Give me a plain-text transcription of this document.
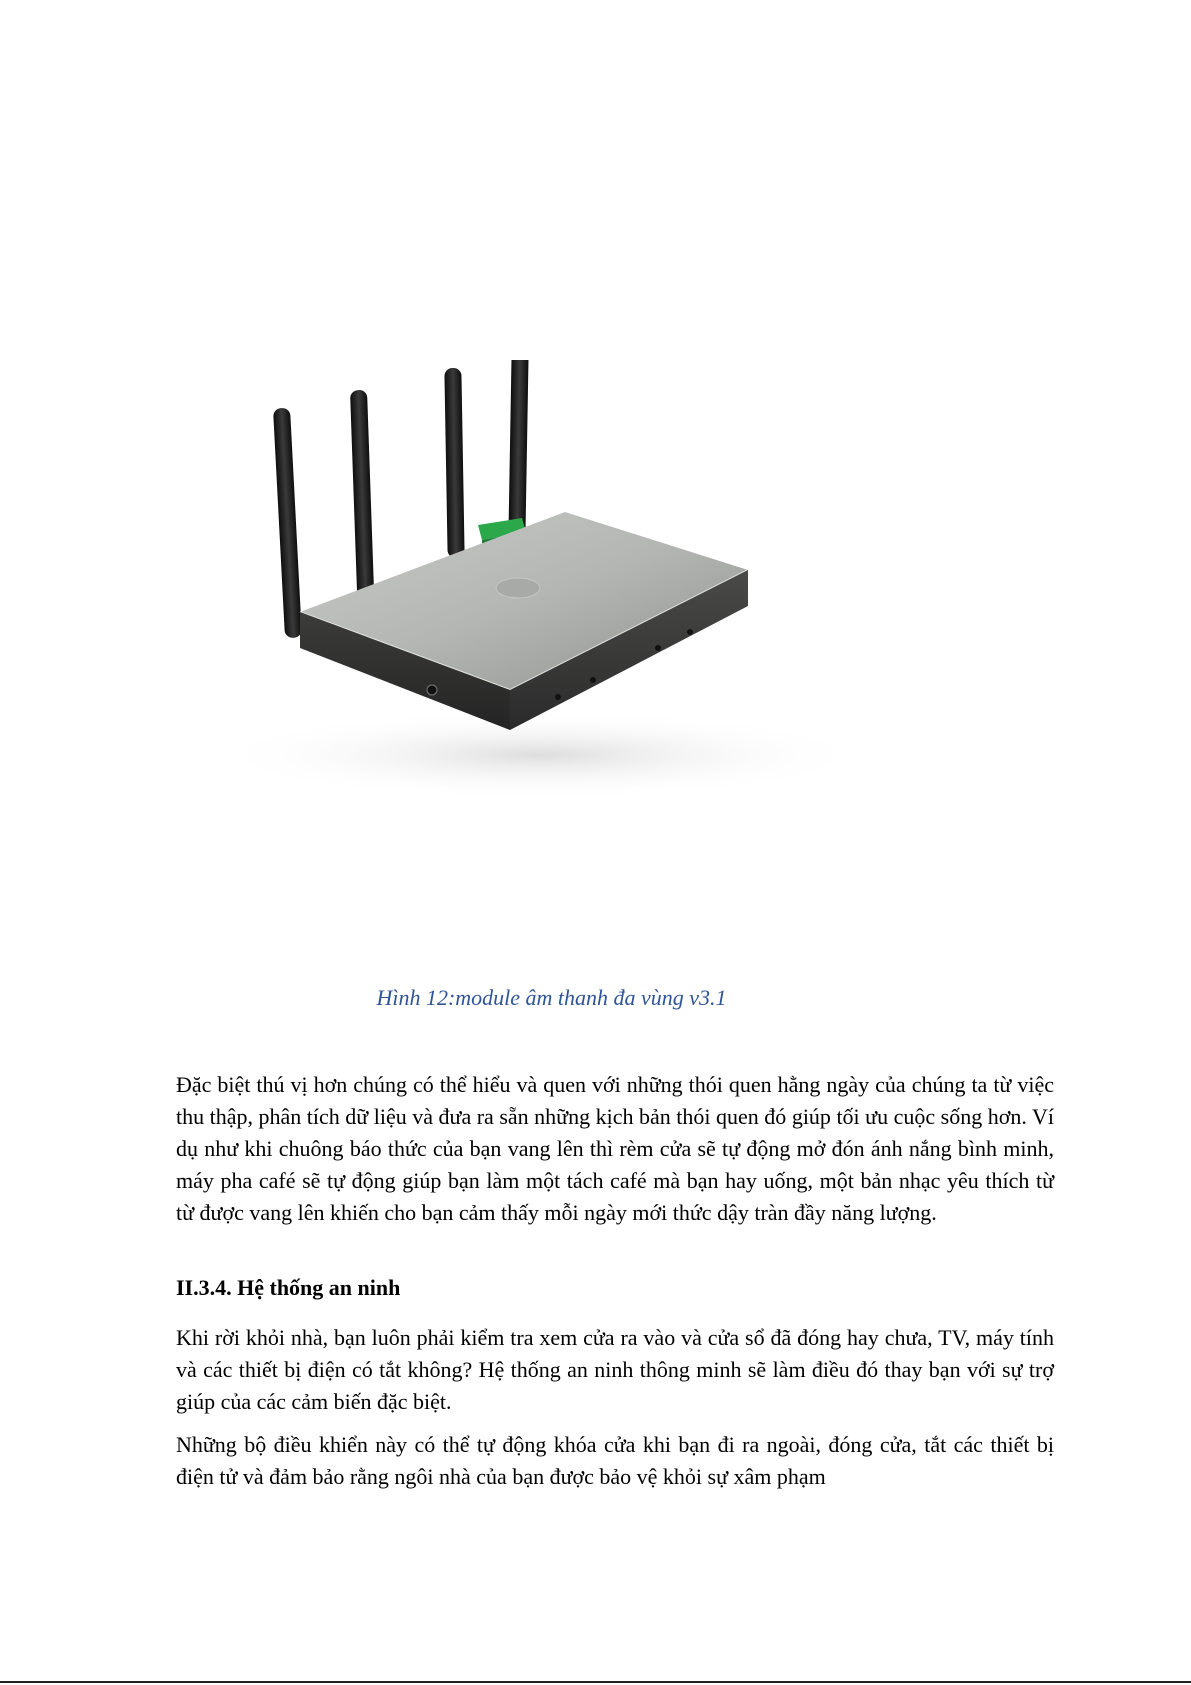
Hình 12:module âm thanh đa vùng v3.1

Đặc biệt thú vị hơn chúng có thể hiểu và quen với những thói quen hằng ngày của chúng ta từ việc thu thập, phân tích dữ liệu và đưa ra sẵn những kịch bản thói quen đó giúp tối ưu cuộc sống hơn. Ví dụ như khi chuông báo thức của bạn vang lên thì rèm cửa sẽ tự động mở đón ánh nắng bình minh, máy pha café sẽ tự động giúp bạn làm một tách café mà bạn hay uống, một bản nhạc yêu thích từ từ được vang lên khiến cho bạn cảm thấy mỗi ngày mới thức dậy tràn đầy năng lượng.

II.3.4. Hệ thống an ninh

Khi rời khỏi nhà, bạn luôn phải kiểm tra xem cửa ra vào và cửa sổ đã đóng hay chưa, TV, máy tính và các thiết bị điện có tắt không? Hệ thống an ninh thông minh sẽ làm điều đó thay bạn với sự trợ giúp của các cảm biến đặc biệt.

Những bộ điều khiển này có thể tự động khóa cửa khi bạn đi ra ngoài, đóng cửa, tắt các thiết bị điện tử và đảm bảo rằng ngôi nhà của bạn được bảo vệ khỏi sự xâm phạm
